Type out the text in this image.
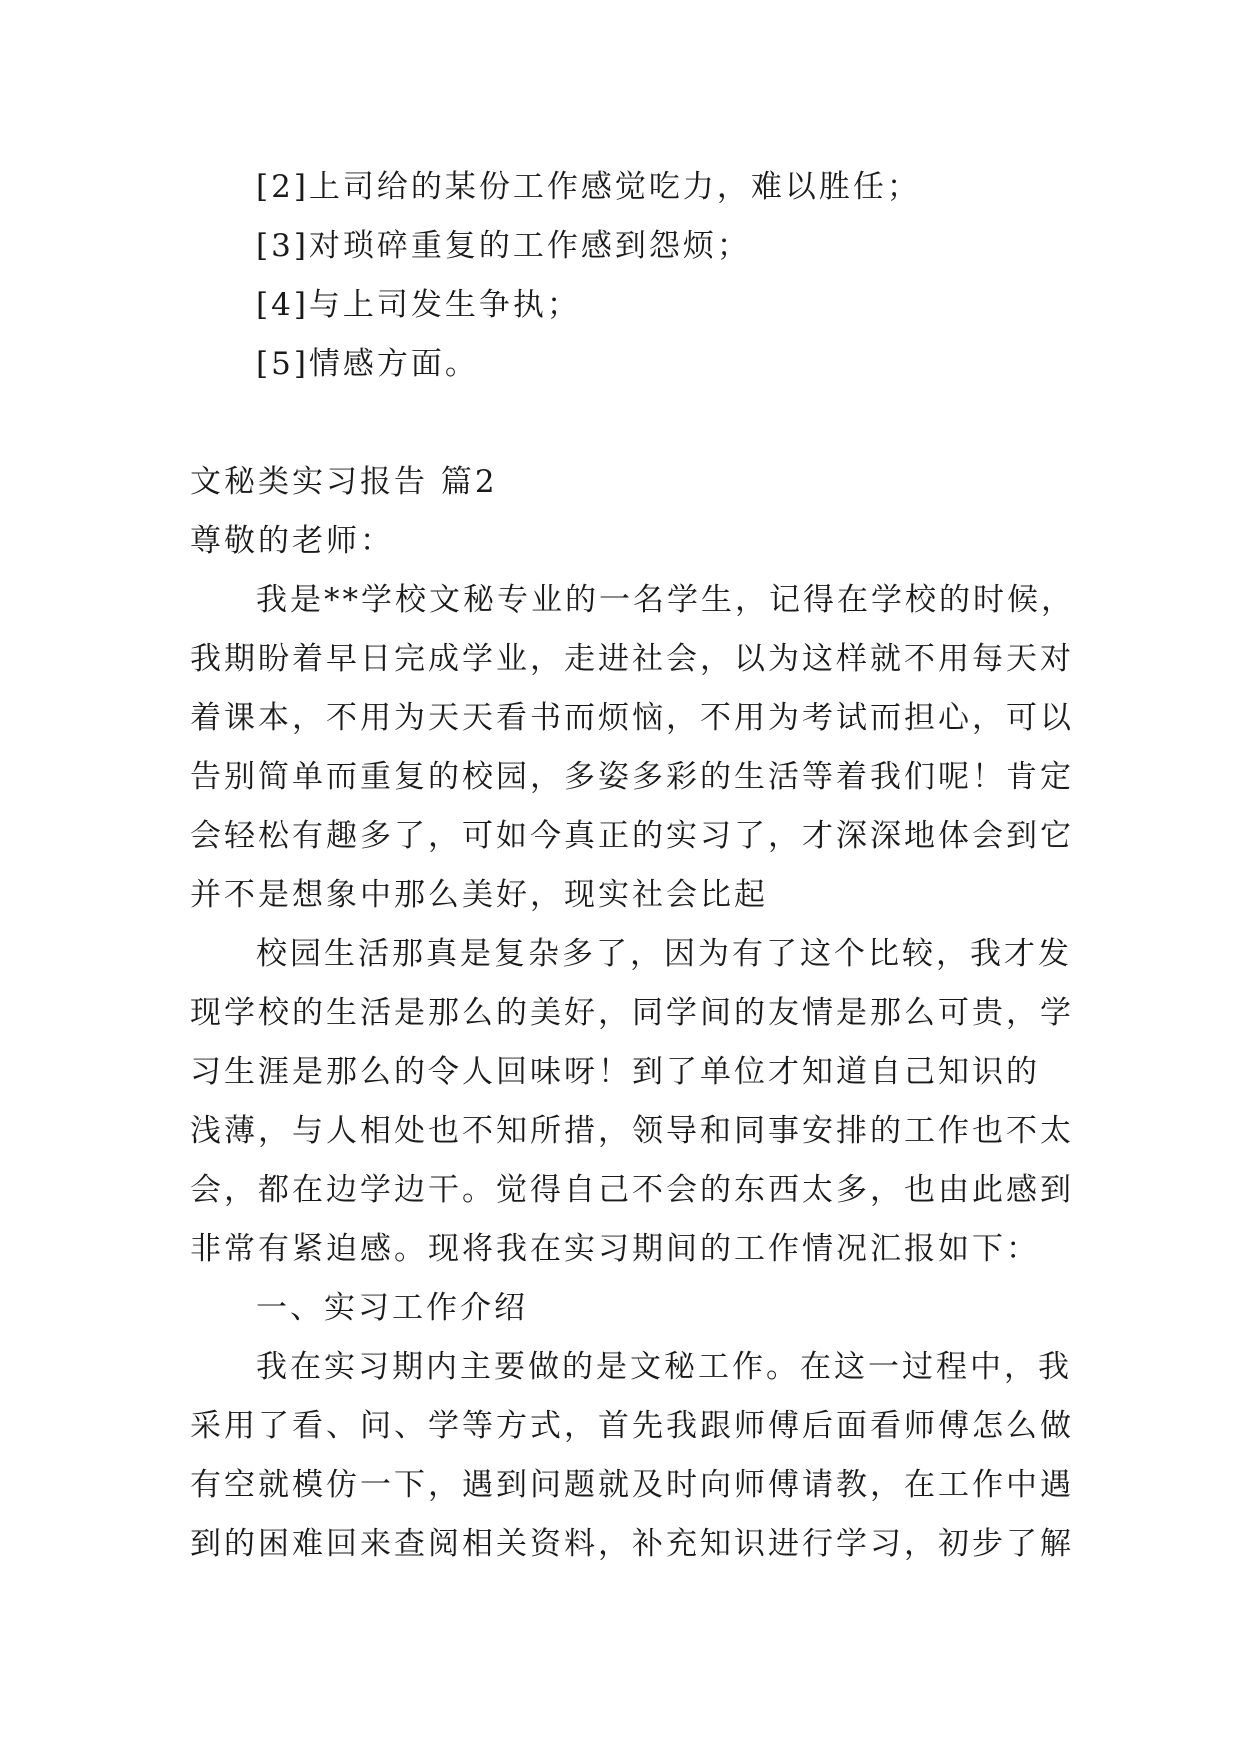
[2]上司给的某份工作感觉吃力，难以胜任；
[3]对琐碎重复的工作感到怨烦；
[4]与上司发生争执；
[5]情感方面。
文秘类实习报告 篇2
尊敬的老师：
我是**学校文秘专业的一名学生，记得在学校的时候，
我期盼着早日完成学业，走进社会，以为这样就不用每天对
着课本，不用为天天看书而烦恼，不用为考试而担心，可以
告别简单而重复的校园，多姿多彩的生活等着我们呢！肯定
会轻松有趣多了，可如今真正的实习了，才深深地体会到它
并不是想象中那么美好，现实社会比起
校园生活那真是复杂多了，因为有了这个比较，我才发
现学校的生活是那么的美好，同学间的友情是那么可贵，学
习生涯是那么的令人回味呀！到了单位才知道自己知识的
浅薄，与人相处也不知所措，领导和同事安排的工作也不太
会，都在边学边干。觉得自己不会的东西太多，也由此感到
非常有紧迫感。现将我在实习期间的工作情况汇报如下：
一、实习工作介绍
我在实习期内主要做的是文秘工作。在这一过程中，我
采用了看、问、学等方式，首先我跟师傅后面看师傅怎么做
有空就模仿一下，遇到问题就及时向师傅请教，在工作中遇
到的困难回来查阅相关资料，补充知识进行学习，初步了解
